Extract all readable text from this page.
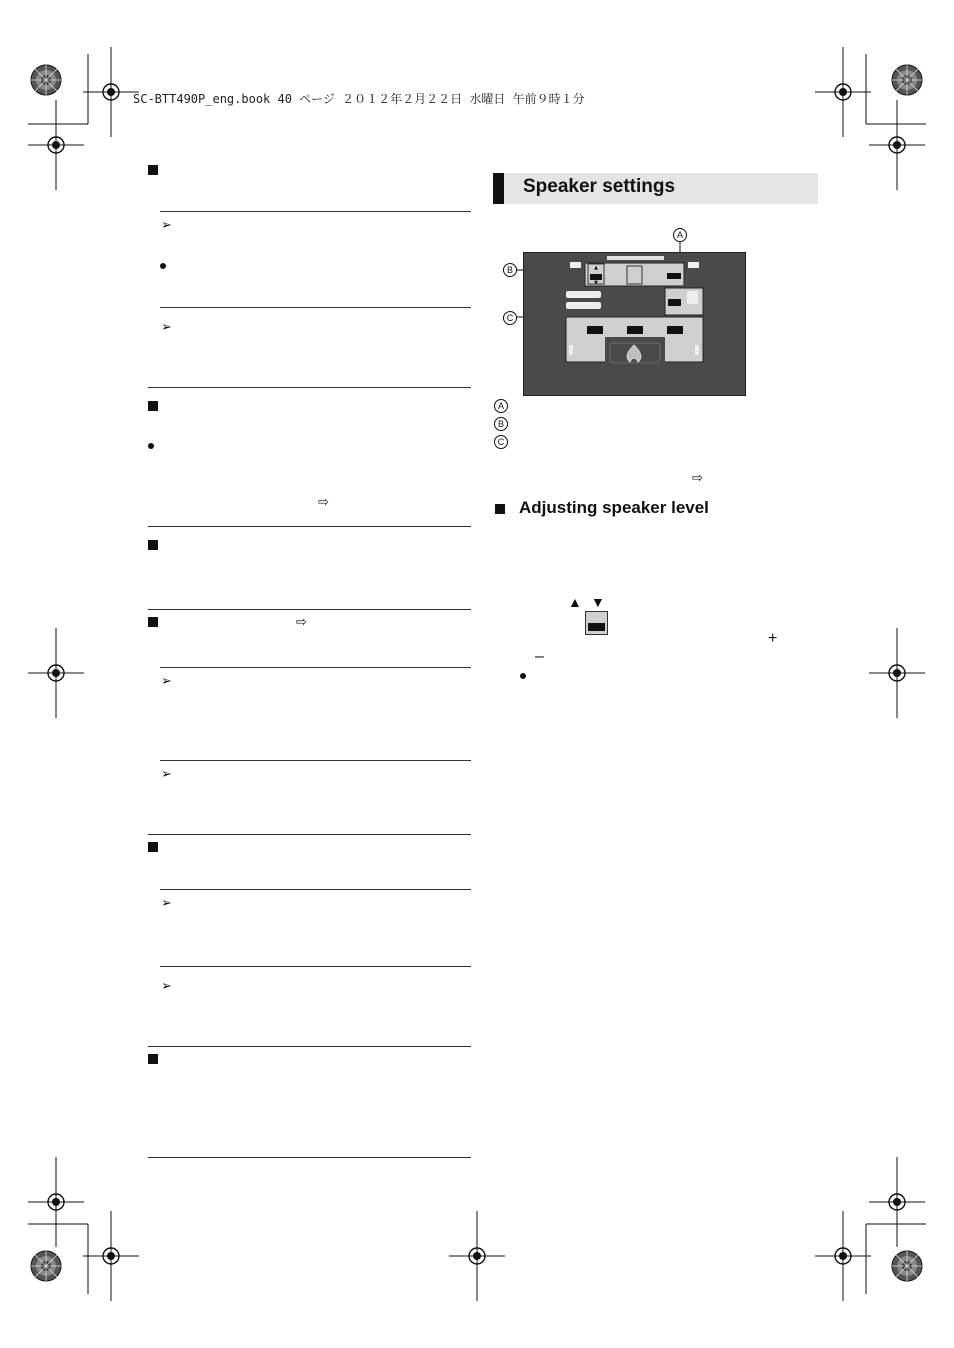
SC-BTT490P_eng.book 40 ページ ２０１２年２月２２日 水曜日 午前９時１分
➢
➢
⇨
⇨
➢
➢
➢
➢
Speaker settings
A
B
C
▲
▼
A
B
C
⇨
Adjusting speaker level
▲ ▼
+
–
